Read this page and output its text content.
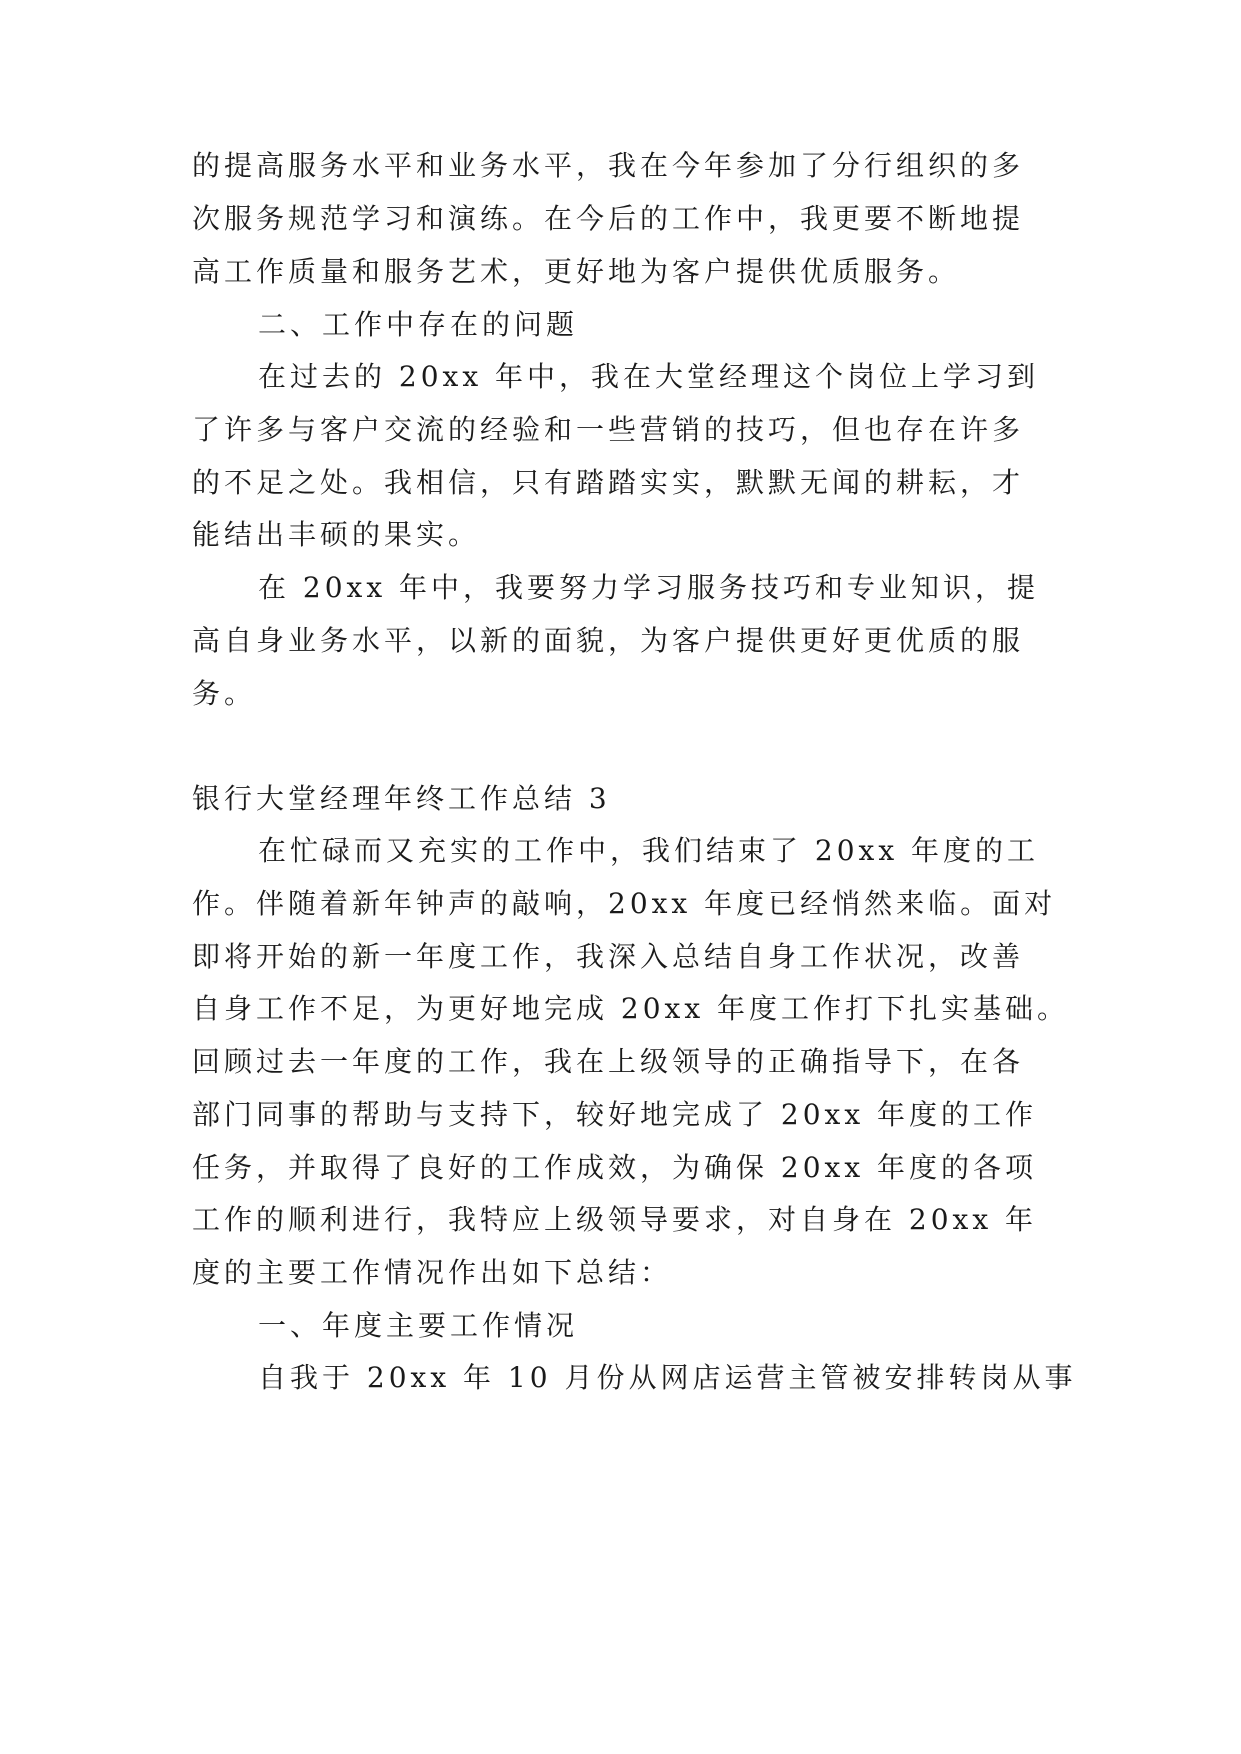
的提高服务水平和业务水平，我在今年参加了分行组织的多
次服务规范学习和演练。在今后的工作中，我更要不断地提
高工作质量和服务艺术，更好地为客户提供优质服务。
二、工作中存在的问题
在过去的 20xx 年中，我在大堂经理这个岗位上学习到
了许多与客户交流的经验和一些营销的技巧，但也存在许多
的不足之处。我相信，只有踏踏实实，默默无闻的耕耘，才
能结出丰硕的果实。
在 20xx 年中，我要努力学习服务技巧和专业知识，提
高自身业务水平，以新的面貌，为客户提供更好更优质的服
务。
银行大堂经理年终工作总结 3
在忙碌而又充实的工作中，我们结束了 20xx 年度的工
作。伴随着新年钟声的敲响，20xx 年度已经悄然来临。面对
即将开始的新一年度工作，我深入总结自身工作状况，改善
自身工作不足，为更好地完成 20xx 年度工作打下扎实基础。
回顾过去一年度的工作，我在上级领导的正确指导下，在各
部门同事的帮助与支持下，较好地完成了 20xx 年度的工作
任务，并取得了良好的工作成效，为确保 20xx 年度的各项
工作的顺利进行，我特应上级领导要求，对自身在 20xx 年
度的主要工作情况作出如下总结：
一、年度主要工作情况
自我于 20xx 年 10 月份从网店运营主管被安排转岗从事
